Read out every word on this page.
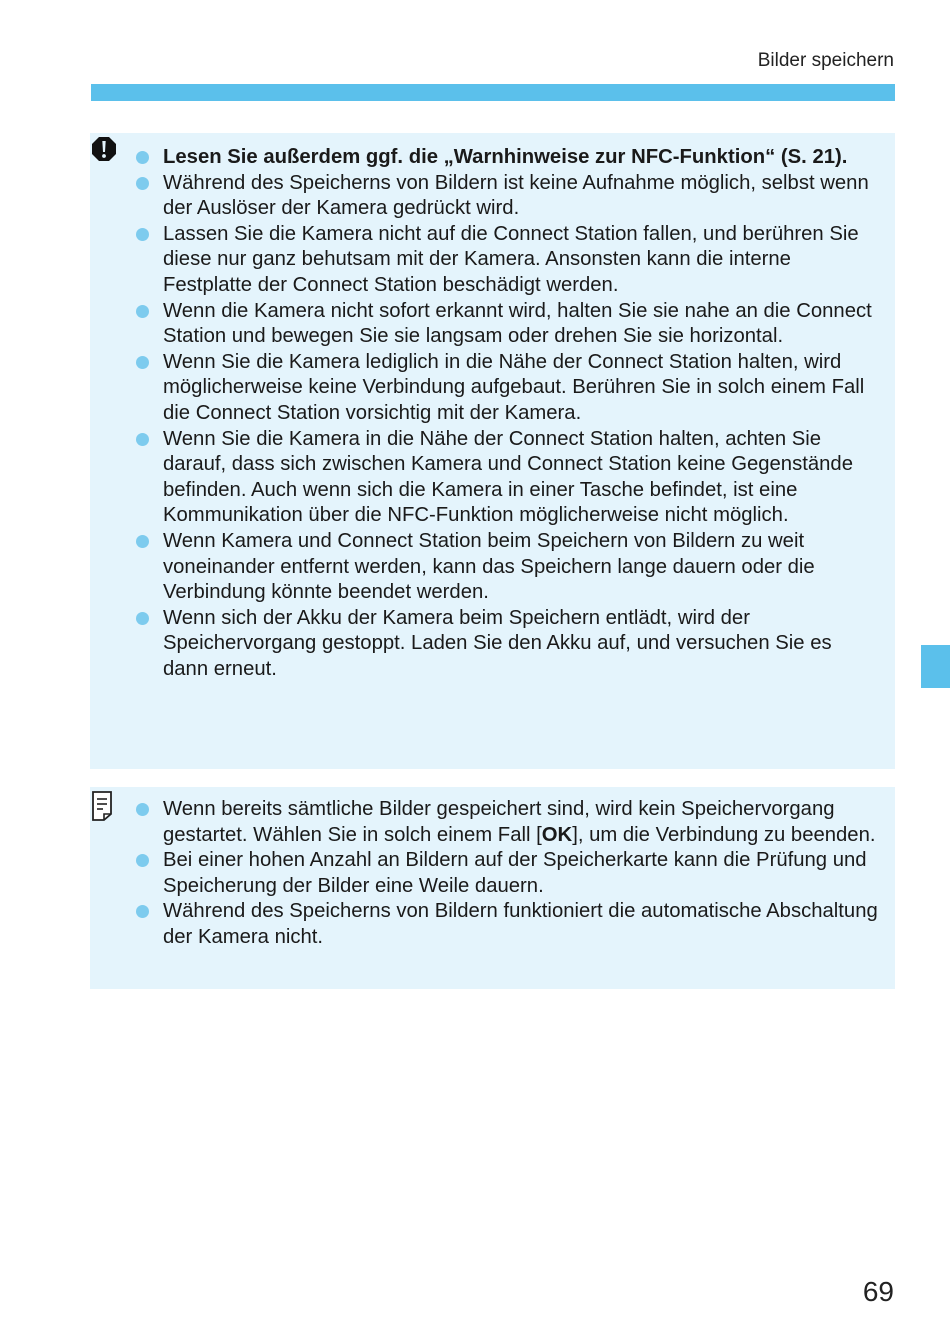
Bilder speichern
Lesen Sie außerdem ggf. die „Warnhinweise zur NFC-Funktion“ (S. 21).
Während des Speicherns von Bildern ist keine Aufnahme möglich, selbst wenn der Auslöser der Kamera gedrückt wird.
Lassen Sie die Kamera nicht auf die Connect Station fallen, und berühren Sie diese nur ganz behutsam mit der Kamera. Ansonsten kann die interne Festplatte der Connect Station beschädigt werden.
Wenn die Kamera nicht sofort erkannt wird, halten Sie sie nahe an die Connect Station und bewegen Sie sie langsam oder drehen Sie sie horizontal.
Wenn Sie die Kamera lediglich in die Nähe der Connect Station halten, wird möglicherweise keine Verbindung aufgebaut. Berühren Sie in solch einem Fall die Connect Station vorsichtig mit der Kamera.
Wenn Sie die Kamera in die Nähe der Connect Station halten, achten Sie darauf, dass sich zwischen Kamera und Connect Station keine Gegenstände befinden. Auch wenn sich die Kamera in einer Tasche befindet, ist eine Kommunikation über die NFC-Funktion möglicherweise nicht möglich.
Wenn Kamera und Connect Station beim Speichern von Bildern zu weit voneinander entfernt werden, kann das Speichern lange dauern oder die Verbindung könnte beendet werden.
Wenn sich der Akku der Kamera beim Speichern entlädt, wird der Speichervorgang gestoppt. Laden Sie den Akku auf, und versuchen Sie es dann erneut.
Wenn bereits sämtliche Bilder gespeichert sind, wird kein Speichervorgang gestartet. Wählen Sie in solch einem Fall [OK], um die Verbindung zu beenden.
Bei einer hohen Anzahl an Bildern auf der Speicherkarte kann die Prüfung und Speicherung der Bilder eine Weile dauern.
Während des Speicherns von Bildern funktioniert die automatische Abschaltung der Kamera nicht.
69
